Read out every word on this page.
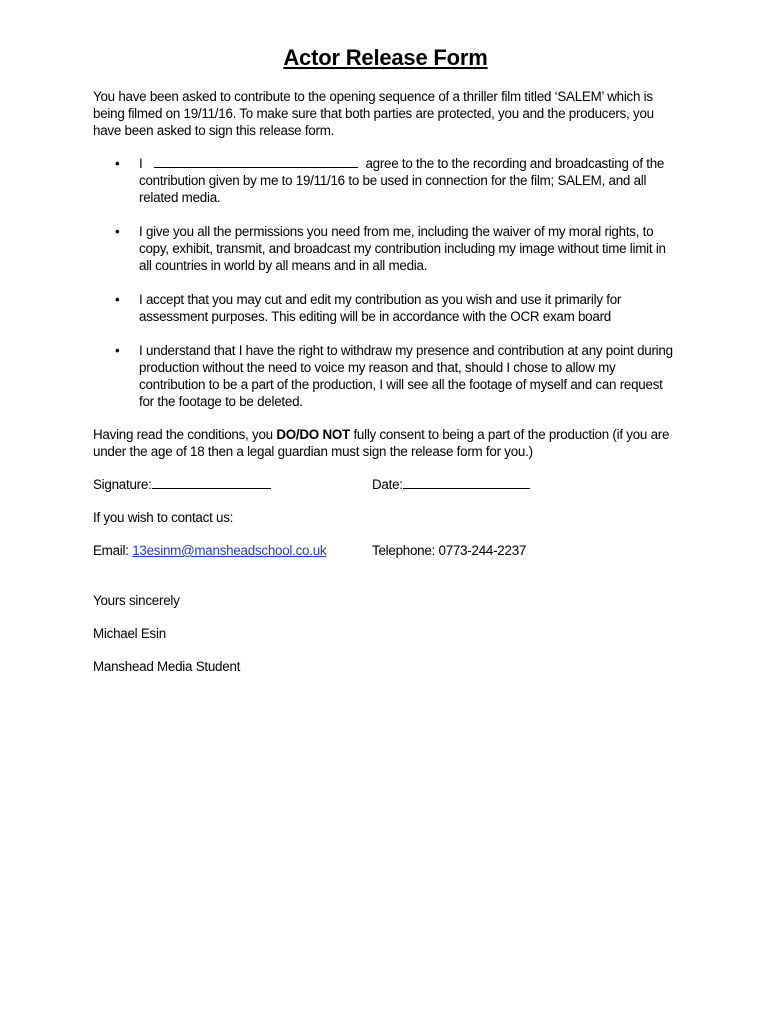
Actor Release Form
You have been asked to contribute to the opening sequence of a thriller film titled ‘SALEM’ which is being filmed on 19/11/16. To make sure that both parties are protected, you and the producers, you have been asked to sign this release form.
• I	agree to the to the recording and broadcasting of the contribution given by me to 19/11/16 to be used in connection for the film; SALEM, and all related media.
• I give you all the permissions you need from me, including the waiver of my moral rights, to copy, exhibit, transmit, and broadcast my contribution including my image without time limit in all countries in world by all means and in all media.
• I accept that you may cut and edit my contribution as you wish and use it primarily for assessment purposes. This editing will be in accordance with the OCR exam board
• I understand that I have the right to withdraw my presence and contribution at any point during production without the need to voice my reason and that, should I chose to allow my contribution to be a part of the production, I will see all the footage of myself and can request for the footage to be deleted.
Having read the conditions, you DO/DO NOT fully consent to being a part of the production (if you are under the age of 18 then a legal guardian must sign the release form for you.)
Signature:	Date:
If you wish to contact us:
Email: 13esinm@mansheadschool.co.uk	Telephone: 0773-244-2237
Yours sincerely
Michael Esin
Manshead Media Student
